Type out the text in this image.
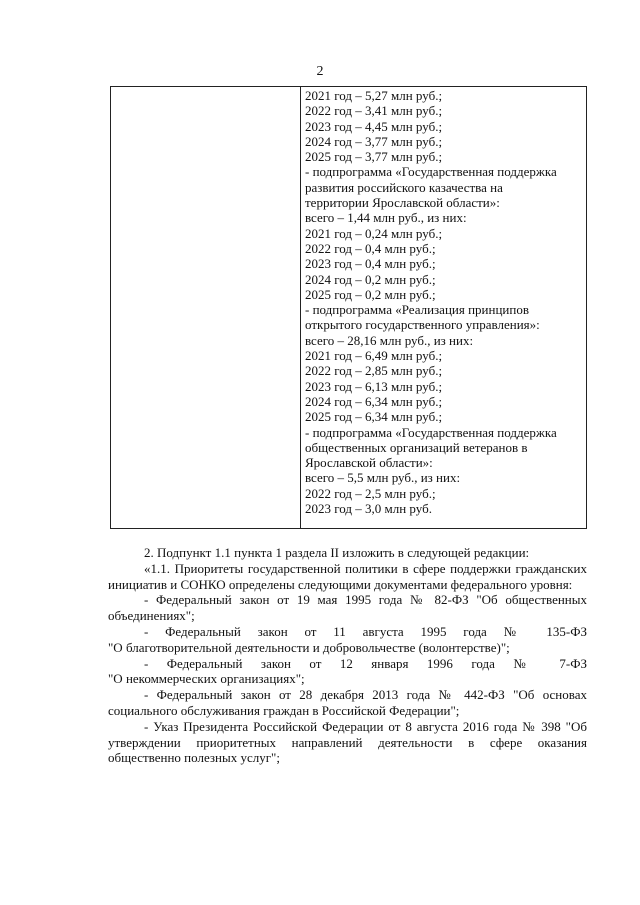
2
2021 год – 5,27 млн руб.;
2022 год – 3,41 млн руб.;
2023 год – 4,45 млн руб.;
2024 год – 3,77 млн руб.;
2025 год – 3,77 млн руб.;
- подпрограмма «Государственная поддержка
развития российского казачества на
территории Ярославской области»:
всего – 1,44 млн руб., из них:
2021 год – 0,24 млн руб.;
2022 год – 0,4 млн руб.;
2023 год – 0,4 млн руб.;
2024 год – 0,2 млн руб.;
2025 год – 0,2 млн руб.;
- подпрограмма «Реализация принципов
открытого государственного управления»:
всего – 28,16 млн руб., из них:
2021 год – 6,49 млн руб.;
2022 год – 2,85 млн руб.;
2023 год – 6,13 млн руб.;
2024 год – 6,34 млн руб.;
2025 год – 6,34 млн руб.;
- подпрограмма «Государственная поддержка
общественных организаций ветеранов в
Ярославской области»:
всего – 5,5 млн руб., из них:
2022 год – 2,5 млн руб.;
2023 год – 3,0 млн руб.
2. Подпункт 1.1 пункта 1 раздела II изложить в следующей редакции:
«1.1. Приоритеты государственной политики в сфере поддержки гражданских инициатив и СОНКО определены следующими документами федерального уровня:
- Федеральный закон от 19 мая 1995 года № 82-ФЗ "Об общественных
объединениях";
- Федеральный закон от 11 августа 1995 года № 135-ФЗ
"О благотворительной деятельности и добровольчестве (волонтерстве)";
- Федеральный закон от 12 января 1996 года № 7-ФЗ
"О некоммерческих организациях";
- Федеральный закон от 28 декабря 2013 года № 442-ФЗ "Об основах социального обслуживания граждан в Российской Федерации";
- Указ Президента Российской Федерации от 8 августа 2016 года № 398 "Об утверждении приоритетных направлений деятельности в сфере оказания общественно полезных услуг";
